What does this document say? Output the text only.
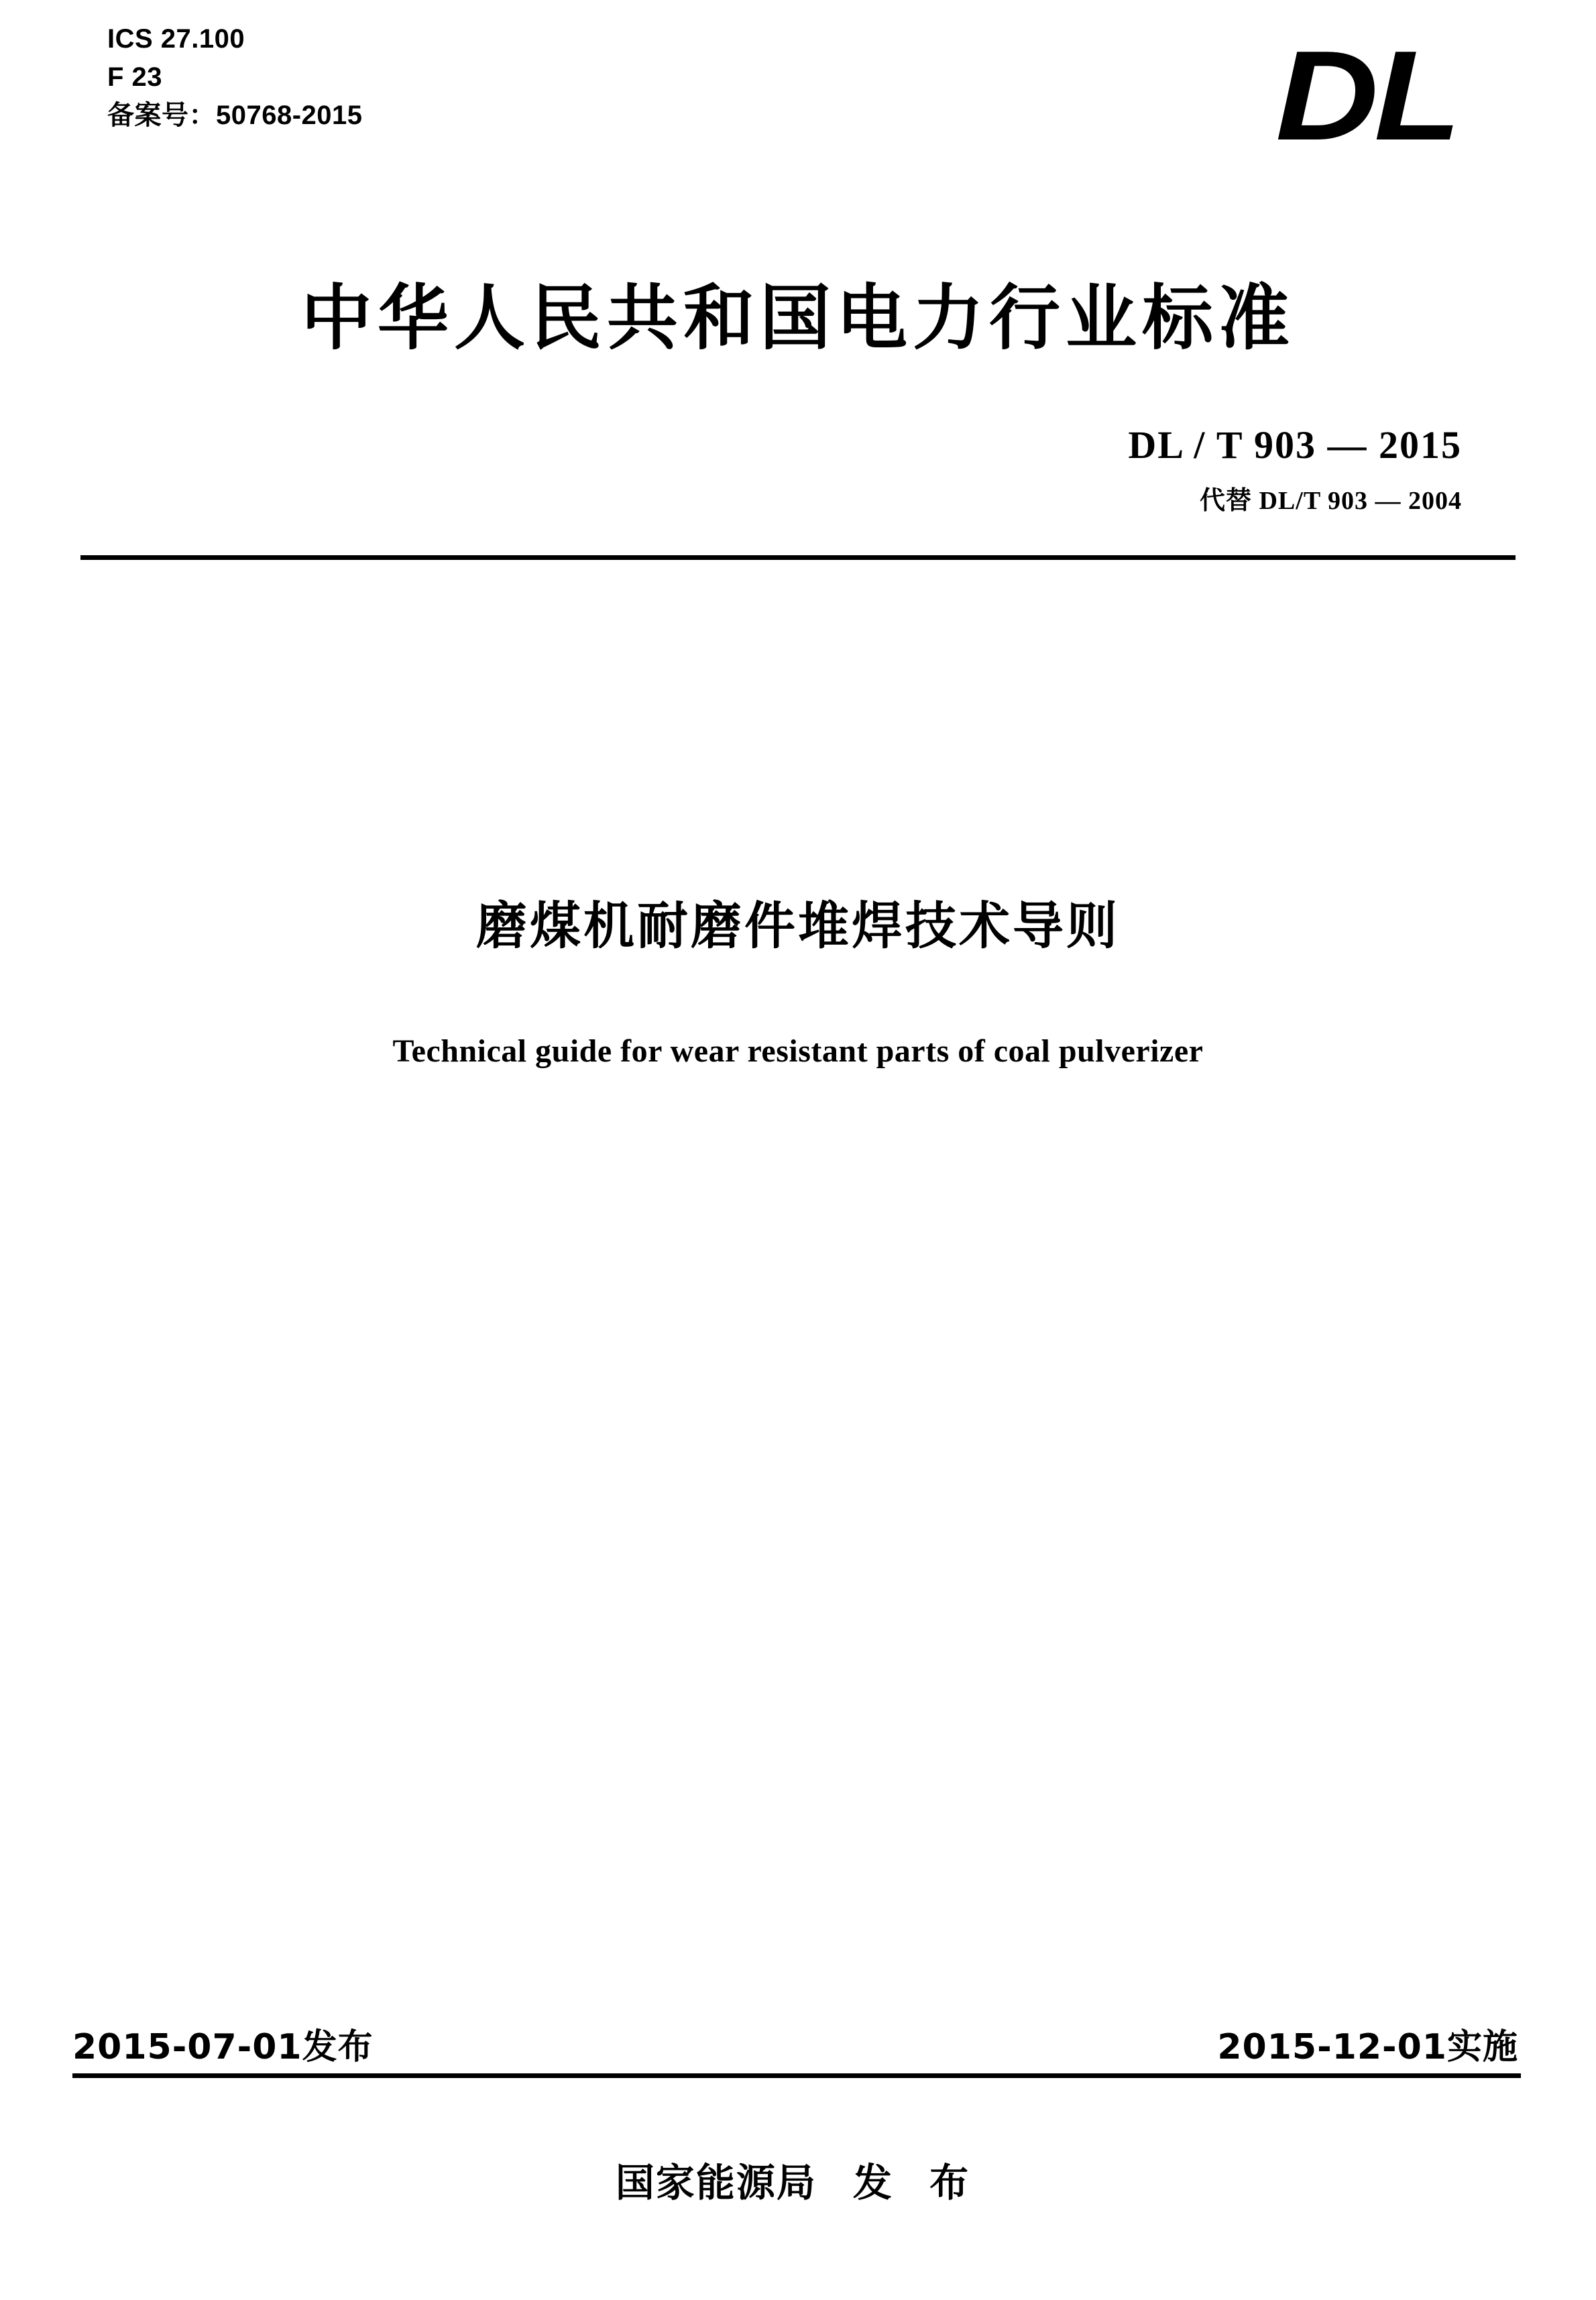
ICS 27.100
F 23
备案号：50768-2015	DL
中华人民共和国电力行业标准
DL / T 903 — 2015
代替 DL/T 903 — 2004
磨煤机耐磨件堆焊技术导则
Technical guide for wear resistant parts of coal pulverizer
2015-07-01发布	2015-12-01实施
国家能源局 发 布
